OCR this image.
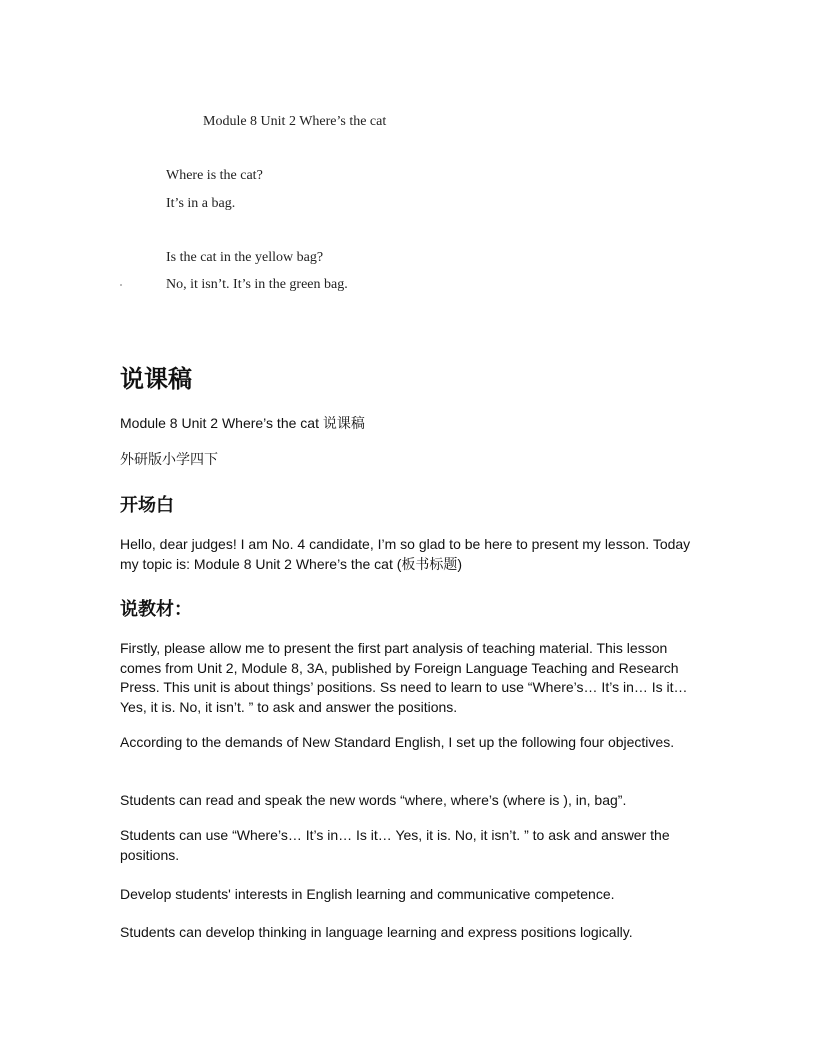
Module 8 Unit 2 Where’s the cat
Where is the cat?
It’s in a bag.
Is the cat in the yellow bag?
No, it isn’t. It’s in the green bag.
说课稿
Module 8 Unit 2 Where’s the cat 说课稿
外研版小学四下
开场白
Hello, dear judges! I am No. 4 candidate, I’m so glad to be here to present my lesson. Today my topic is: Module 8 Unit 2 Where’s the cat (板书标题)
说教材：
Firstly, please allow me to present the first part analysis of teaching material. This lesson comes from Unit 2, Module 8, 3A, published by Foreign Language Teaching and Research Press. This unit is about things’ positions. Ss need to learn to use “Where’s… It’s in… Is it… Yes, it is. No, it isn’t. ” to ask and answer the positions.
According to the demands of New Standard English, I set up the following four objectives.
Students can read and speak the new words “where, where’s (where is ), in, bag”.
Students can use “Where’s… It’s in… Is it… Yes, it is. No, it isn’t. ” to ask and answer the positions.
Develop students' interests in English learning and communicative competence.
Students can develop thinking in language learning and express positions logically.
